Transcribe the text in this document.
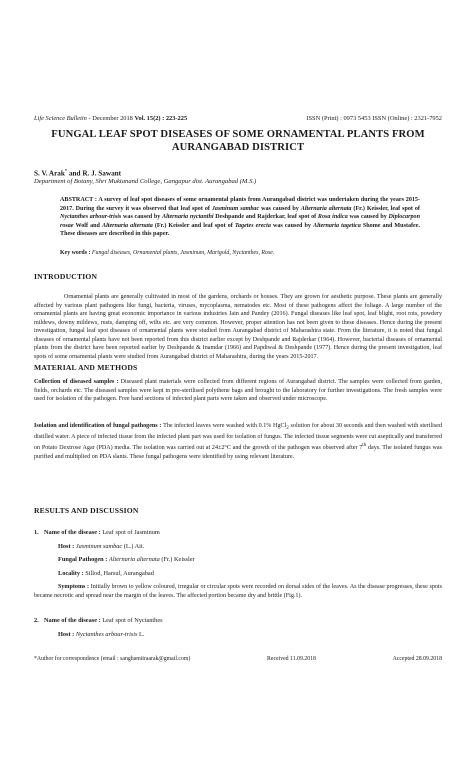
Life Science Bulletin - December 2018 Vol. 15(2) : 223-225	ISSN (Print) : 0973 5453 ISSN (Online) : 2321-7952
FUNGAL LEAF SPOT DISEASES OF SOME ORNAMENTAL PLANTS FROM AURANGABAD DISTRICT
S. V. Arak* and R. J. Sawant
Department of Botany, Shri Muktanand College, Gangapur dist. Aurangabad (M.S.)
ABSTRACT : A survey of leaf spot diseases of some ornamental plants from Aurangabad district was undertaken during the years 2015-2017. During the survey it was observed that leaf spot of Jasminum sambac was caused by Alternaria alternata (Fr.) Keissler, leaf spot of Nyctanthes arbour-trisis was caused by Alternaria nyctanthi Deshpande and Rajderkar, leaf spot of Rosa indica was caused by Diplocarpon rosae Wolf and Alternaria alternata (Fr.) Keissler and leaf spot of Tagetes erecta was caused by Alternaria tagetica Shome and Mustafee. These diseases are described in this paper.
Key words : Fungal diseases, Ornamental plants, Jasminum, Marigold, Nyctanthes, Rose.
INTRODUCTION
Ornamental plants are generally cultivated in most of the gardens, orchards or houses. They are grown for aesthetic purpose. These plants are generally affected by various plant pathogens like fungi, bacteria, viruses, mycoplasma, nematodes etc. Most of these pathogens affect the foliage. A large number of the ornamental plants are having great economic importance in various industries Jain and Pandey (2016). Fungal diseases like leaf spot, leaf blight, root rots, powdery mildews, downy mildews, rusts, damping off, wilts etc. are very common. However, proper attention has not been given to these diseases. Hence during the present investigation, fungal leaf spot diseases of ornamental plants were studied from Aurangabad district of Maharashtra state. From the literature, it is noted that fungal diseases of ornamental plants have not been reported from this district earlier except by Deshpande and Rajderkar (1964). However, bacterial diseases of ornamental plants from the district have been reported earlier by Deshpande & Inamdar (1966) and Papdiwal & Deshpande (1977). Hence during the present investigation, leaf spots of some ornamental plants were studied from Aurangabad district of Maharashtra, during the years 2015-2017.
MATERIAL AND METHODS
Collection of diseased samples : Diseased plant materials were collected from different regions of Aurangabad district. The samples were collected from garden, fields, orchards etc. The diseased samples were kept in pre-sterilised polythene bags and brought to the laboratory for further investigations. The fresh samples were used for isolation of the pathogen. Free hand sections of infected plant parts were taken and observed under microscope.
Isolation and identification of fungal pathogens : The infected leaves were washed with 0.1% HgCl$_2$ solution for about 30 seconds and then washed with sterilised distilled water. A piece of infected tissue from the infected plant part was used for isolation of fungus. The infected tissue segments were cut aseptically and transferred on Potato Dextrose Agar (PDA) media. The isolation was carried out at 24±2°C and the growth of the pathogen was observed after 7th days. The isolated fungus was purified and multiplied on PDA slants. These fungal pathogens were identified by using relevant literature.
RESULTS AND DISCUSSION
1. Name of the disease : Leaf spot of Jasminum
Host : Jasminum sambac (L.) Ait.
Fungal Pathogen : Alternaria alternata (Fr.) Keissler
Locality : Sillod, Harsul, Aurangabad
Symptoms : Initially brown to yellow coloured, irregular or circular spots were recorded on dorsal sides of the leaves. As the disease progresses, these spots became necrotic and spread near the margin of the leaves. The affected portion became dry and brittle (Fig.1).
2. Name of the disease : Leaf spot of Nyctanthes
Host : Nyctanthes arbour-trisis L.
*Author for correspondence (email : sanghamitraarak@gmail.com)	Received 11.09.2018	Accepted 28.09.2018
